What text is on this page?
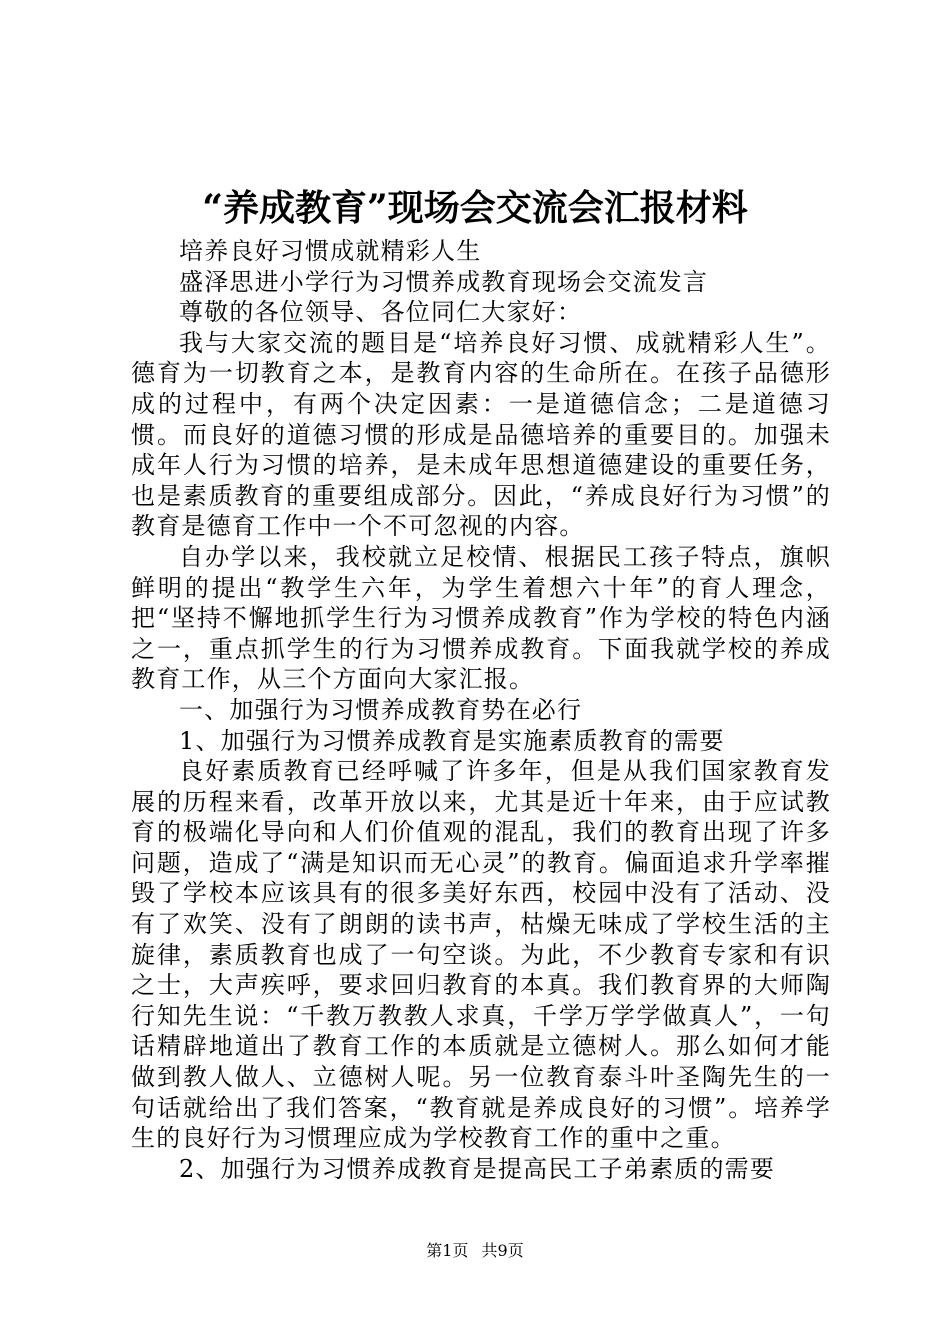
“养成教育”现场会交流会汇报材料

培养良好习惯成就精彩人生

盛泽思进小学行为习惯养成教育现场会交流发言

尊敬的各位领导、各位同仁大家好：

我与大家交流的题目是“培养良好习惯、成就精彩人生”。德育为一切教育之本，是教育内容的生命所在。在孩子品德形成的过程中，有两个决定因素：一是道德信念；二是道德习惯。而良好的道德习惯的形成是品德培养的重要目的。加强未成年人行为习惯的培养，是未成年思想道德建设的重要任务，也是素质教育的重要组成部分。因此，“养成良好行为习惯”的教育是德育工作中一个不可忽视的内容。

自办学以来，我校就立足校情、根据民工孩子特点，旗帜鲜明的提出“教学生六年，为学生着想六十年”的育人理念，把“坚持不懈地抓学生行为习惯养成教育”作为学校的特色内涵之一，重点抓学生的行为习惯养成教育。下面我就学校的养成教育工作，从三个方面向大家汇报。

一、加强行为习惯养成教育势在必行

1、加强行为习惯养成教育是实施素质教育的需要

良好素质教育已经呼喊了许多年，但是从我们国家教育发展的历程来看，改革开放以来，尤其是近十年来，由于应试教育的极端化导向和人们价值观的混乱，我们的教育出现了许多问题，造成了“满是知识而无心灵”的教育。偏面追求升学率摧毁了学校本应该具有的很多美好东西，校园中没有了活动、没有了欢笑、没有了朗朗的读书声，枯燥无味成了学校生活的主旋律，素质教育也成了一句空谈。为此，不少教育专家和有识之士，大声疾呼，要求回归教育的本真。我们教育界的大师陶行知先生说：“千教万教教人求真，千学万学学做真人”，一句话精辟地道出了教育工作的本质就是立德树人。那么如何才能做到教人做人、立德树人呢。另一位教育泰斗叶圣陶先生的一句话就给出了我们答案，“教育就是养成良好的习惯”。培养学生的良好行为习惯理应成为学校教育工作的重中之重。

2、加强行为习惯养成教育是提高民工子弟素质的需要

第1页 共9页
